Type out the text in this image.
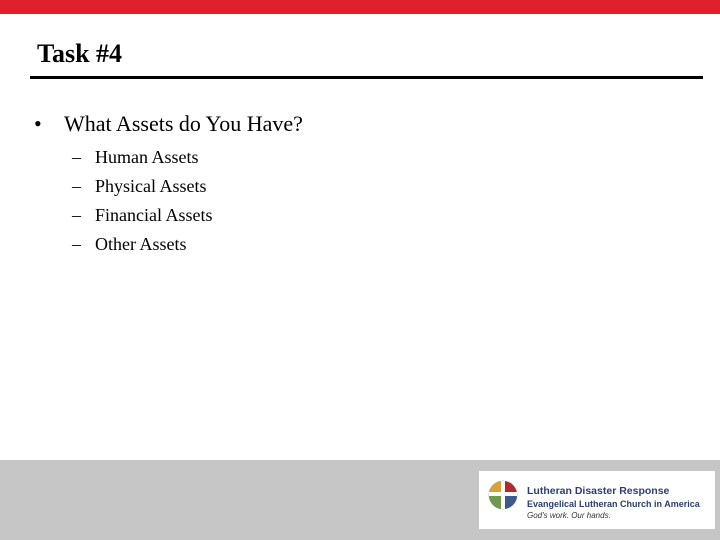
Task #4
• What Assets do You Have?
– Human Assets
– Physical Assets
– Financial Assets
– Other Assets
Lutheran Disaster Response
Evangelical Lutheran Church in America
God's work. Our hands.
